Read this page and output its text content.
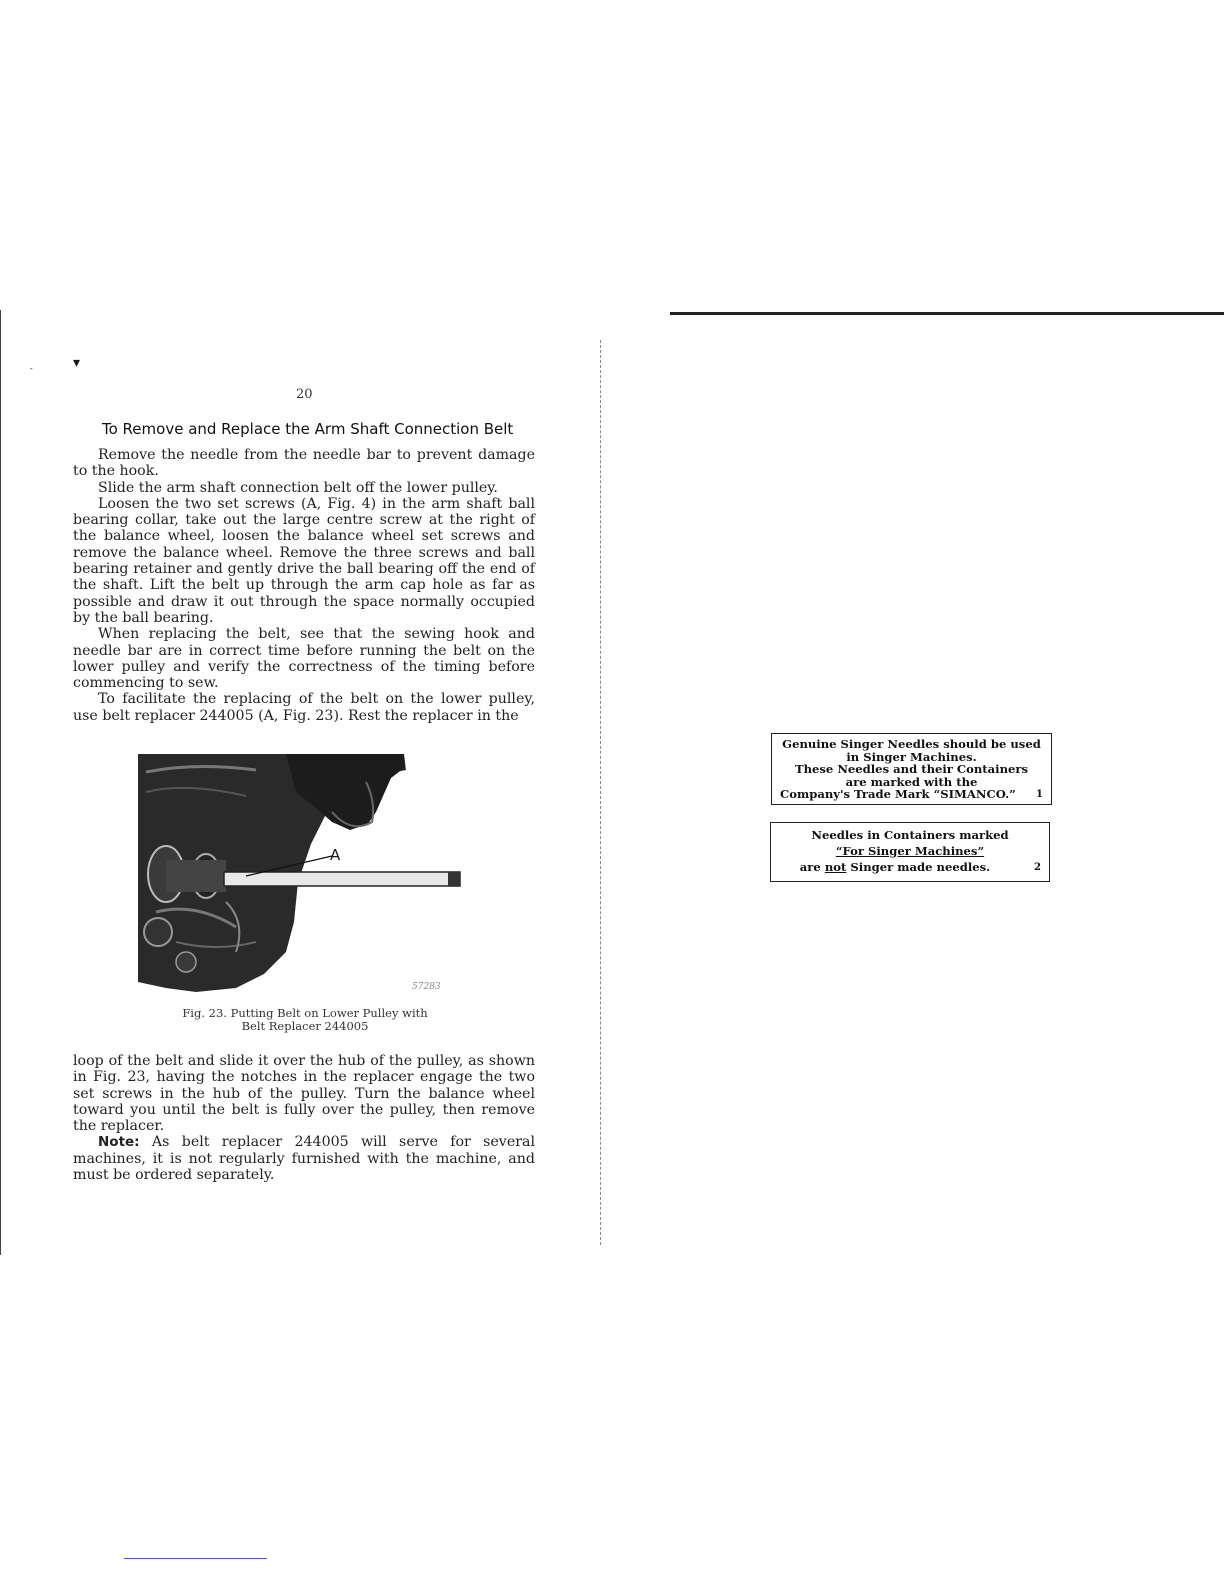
▾
-
20
To Remove and Replace the Arm Shaft Connection Belt

Remove the needle from the needle bar to prevent damage to the hook.

Slide the arm shaft connection belt off the lower pulley.

Loosen the two set screws (A, Fig. 4) in the arm shaft ball bearing collar, take out the large centre screw at the right of the balance wheel, loosen the balance wheel set screws and remove the balance wheel. Remove the three screws and ball bearing retainer and gently drive the ball bearing off the end of the shaft. Lift the belt up through the arm cap hole as far as possible and draw it out through the space normally occupied by the ball bearing.

When replacing the belt, see that the sewing hook and needle bar are in correct time before running the belt on the lower pulley and verify the correctness of the timing before commencing to sew.

To facilitate the replacing of the belt on the lower pulley, use belt replacer 244005 (A, Fig. 23). Rest the replacer in the

A
57283
Fig. 23. Putting Belt on Lower Pulley with
Belt Replacer 244005

loop of the belt and slide it over the hub of the pulley, as shown in Fig. 23, having the notches in the replacer engage the two set screws in the hub of the pulley. Turn the balance wheel toward you until the belt is fully over the pulley, then remove the replacer.

Note: As belt replacer 244005 will serve for several machines, it is not regularly furnished with the machine, and must be ordered separately.

Genuine Singer Needles should be used
in Singer Machines.
These Needles and their Containers
are marked with the
Company's Trade Mark “SIMANCO.”	1
Needles in Containers marked
“For Singer Machines”
are not Singer made needles.	2
